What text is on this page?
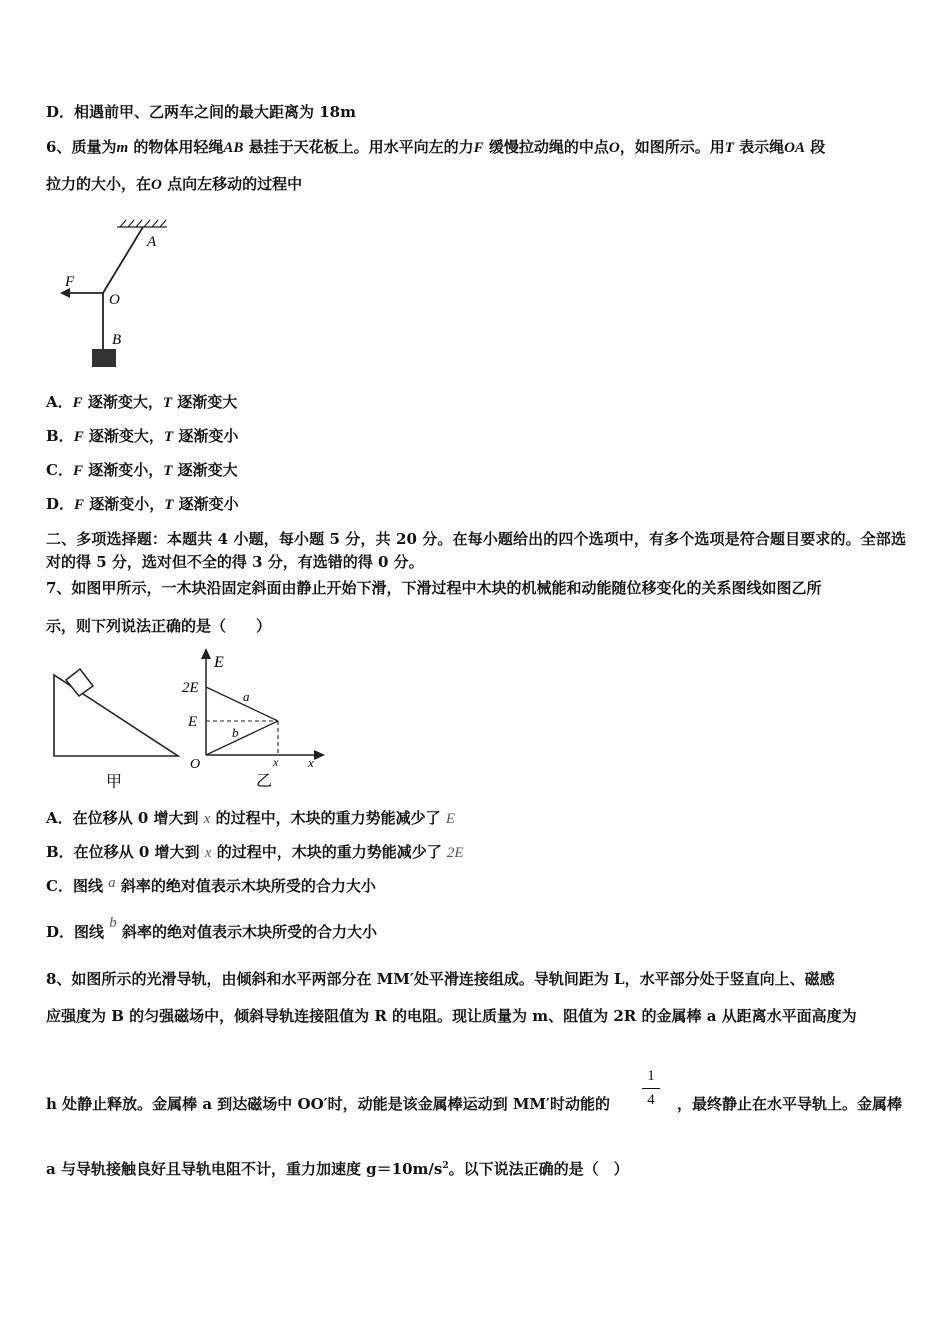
D．相遇前甲、乙两车之间的最大距离为 18m
6、质量为m 的物体用轻绳AB 悬挂于天花板上。用水平向左的力F 缓慢拉动绳的中点O，如图所示。用T 表示绳OA 段
拉力的大小，在O 点向左移动的过程中
A
F
O
B
A．F 逐渐变大，T 逐渐变大
B．F 逐渐变大，T 逐渐变小
C．F 逐渐变小，T 逐渐变大
D．F 逐渐变小，T 逐渐变小
二、多项选择题：本题共 4 小题，每小题 5 分，共 20 分。在每小题给出的四个选项中，有多个选项是符合题目要求的。全部选对的得 5 分，选对但不全的得 3 分，有选错的得 0 分。
7、如图甲所示，一木块沿固定斜面由静止开始下滑，下滑过程中木块的机械能和动能随位移变化的关系图线如图乙所
示，则下列说法正确的是（　　）
甲
E
2E
E
O	x x
a
b
乙
A．在位移从 0 增大到 x 的过程中，木块的重力势能减少了 E
B．在位移从 0 增大到 x 的过程中，木块的重力势能减少了 2E
C．图线 a 斜率的绝对值表示木块所受的合力大小
D．图线 b 斜率的绝对值表示木块所受的合力大小
8、如图所示的光滑导轨，由倾斜和水平两部分在 MM′处平滑连接组成。导轨间距为 L，水平部分处于竖直向上、磁感
应强度为 B 的匀强磁场中，倾斜导轨连接阻值为 R 的电阻。现让质量为 m、阻值为 2R 的金属棒 a 从距离水平面高度为
h 处静止释放。金属棒 a 到达磁场中 OO′时，动能是该金属棒运动到 MM′时动能的
1
4	，最终静止在水平导轨上。金属棒
a 与导轨接触良好且导轨电阻不计，重力加速度 $g=10m/s^2$。以下说法正确的是（　）
